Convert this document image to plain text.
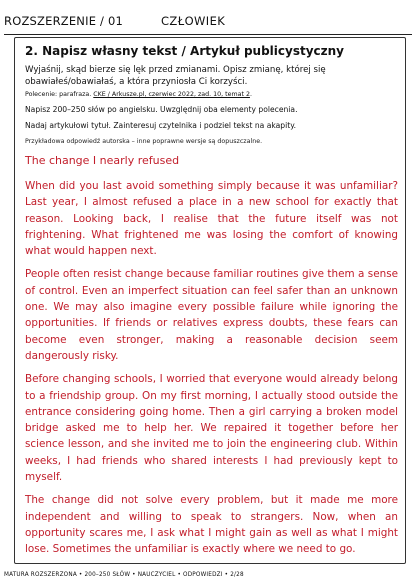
ROZSZERZENIE / 01	CZŁOWIEK
2. Napisz własny tekst / Artykuł publicystyczny
Wyjaśnij, skąd bierze się lęk przed zmianami. Opisz zmianę, której się obawiałeś/obawiałaś, a która przyniosła Ci korzyści.
Polecenie: parafraza. CKE / Arkusze.pl, czerwiec 2022, zad. 10, temat 2.
Napisz 200–250 słów po angielsku. Uwzględnij oba elementy polecenia.
Nadaj artykułowi tytuł. Zainteresuj czytelnika i podziel tekst na akapity.
Przykładowa odpowiedź autorska – inne poprawne wersje są dopuszczalne.
The change I nearly refused

When did you last avoid something simply because it was unfamiliar? Last year, I almost refused a place in a new school for exactly that reason. Looking back, I realise that the future itself was not frightening. What frightened me was losing the comfort of knowing what would happen next.

People often resist change because familiar routines give them a sense of control. Even an imperfect situation can feel safer than an unknown one. We may also imagine every possible failure while ignoring the opportunities. If friends or relatives express doubts, these fears can become even stronger, making a reasonable decision seem dangerously risky.

Before changing schools, I worried that everyone would already belong to a friendship group. On my first morning, I actually stood outside the entrance considering going home. Then a girl carrying a broken model bridge asked me to help her. We repaired it together before her science lesson, and she invited me to join the engineering club. Within weeks, I had friends who shared interests I had previously kept to myself.

The change did not solve every problem, but it made me more independent and willing to speak to strangers. Now, when an opportunity scares me, I ask what I might gain as well as what I might lose. Sometimes the unfamiliar is exactly where we need to go.

MATURA ROZSZERZONA • 200–250 SŁÓW • NAUCZYCIEL • ODPOWIEDZI • 2/28
